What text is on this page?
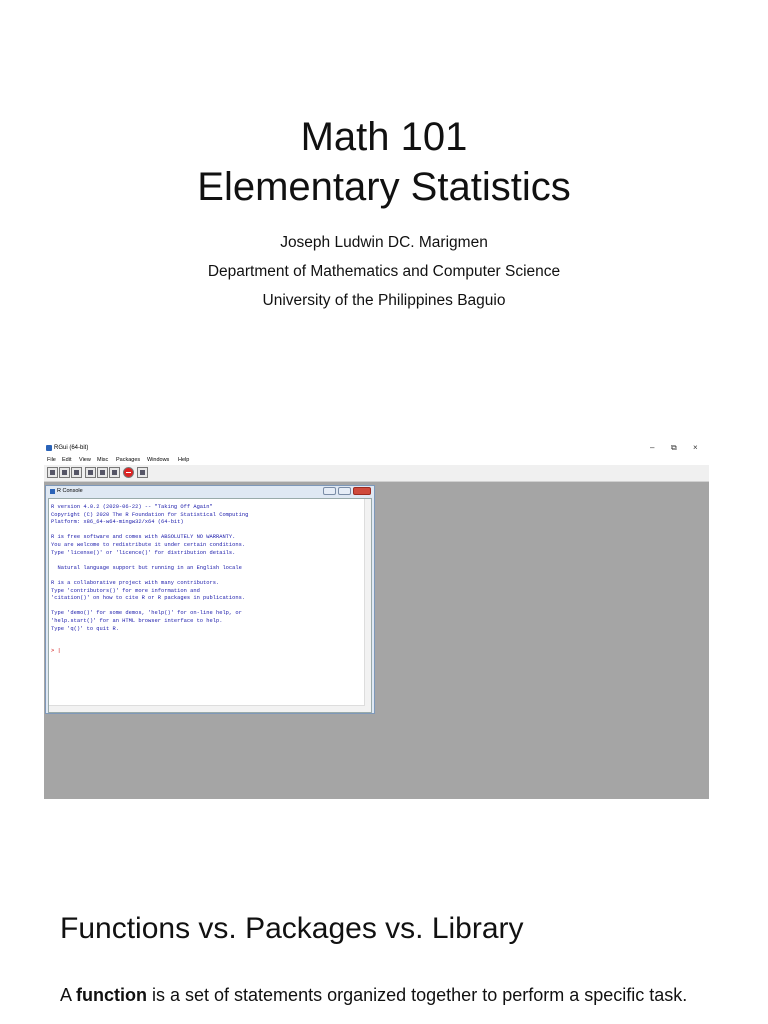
Math 101
Elementary Statistics
Joseph Ludwin DC. Marigmen
Department of Mathematics and Computer Science
University of the Philippines Baguio
RGui (64-bit)	– ⧉ ×
File Edit View Misc Packages Windows Help
R Console
R version 4.0.2 (2020-06-22) -- "Taking Off Again"
Copyright (C) 2020 The R Foundation for Statistical Computing
Platform: x86_64-w64-mingw32/x64 (64-bit)

R is free software and comes with ABSOLUTELY NO WARRANTY.
You are welcome to redistribute it under certain conditions.
Type 'license()' or 'licence()' for distribution details.

Natural language support but running in an English locale

R is a collaborative project with many contributors.
Type 'contributors()' for more information and
'citation()' on how to cite R or R packages in publications.

Type 'demo()' for some demos, 'help()' for on-line help, or
'help.start()' for an HTML browser interface to help.
Type 'q()' to quit R.
> |
Functions vs. Packages vs. Library
A function is a set of statements organized together to perform a specific task.
